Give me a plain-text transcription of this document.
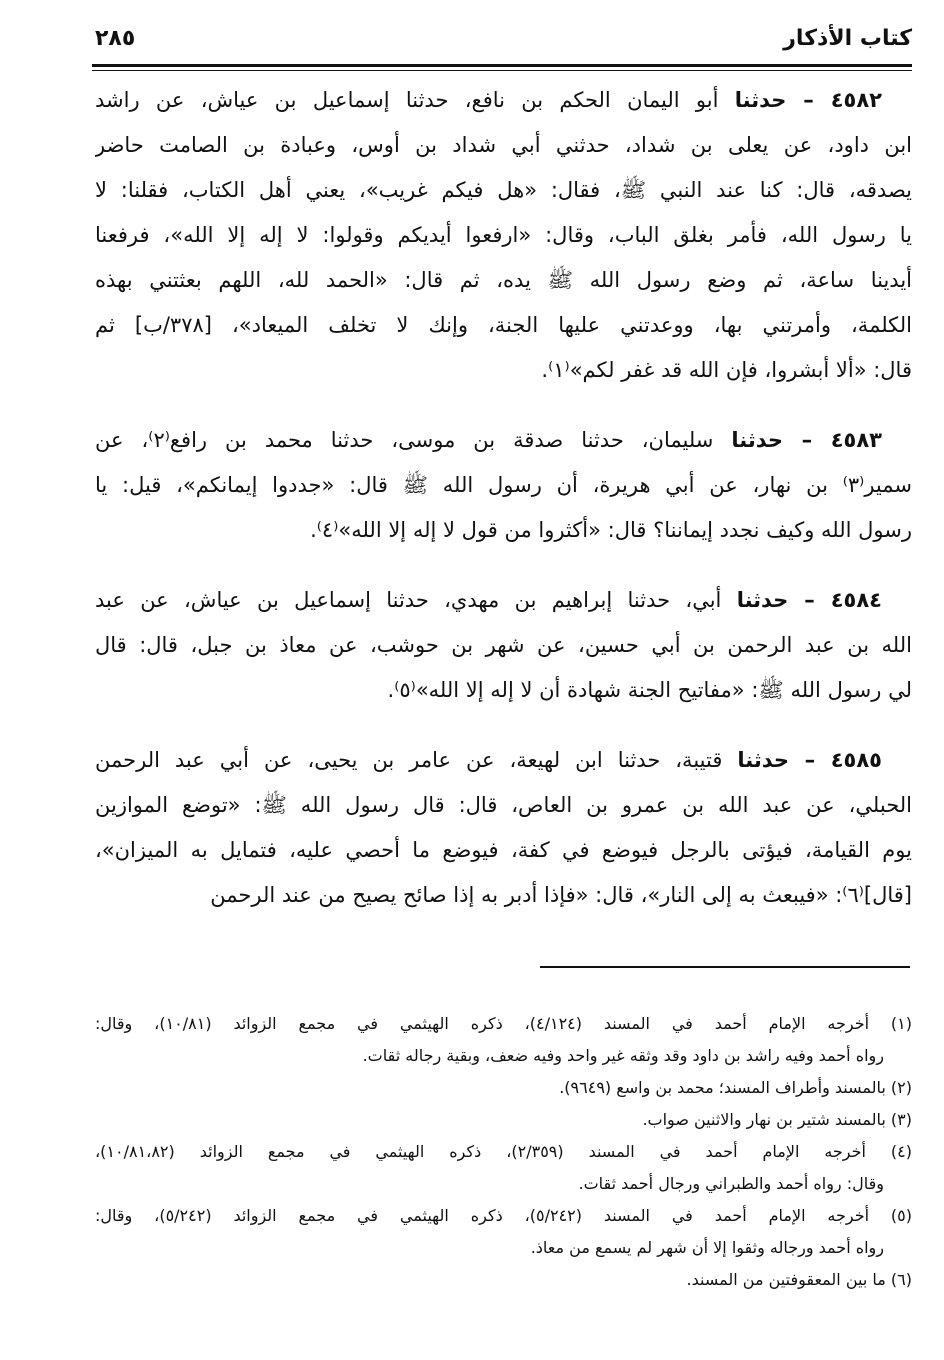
كتاب الأذكار
٢٨٥
٤٥٨٢ – حدثنا أبو اليمان الحكم بن نافع، حدثنا إسماعيل بن عياش، عن راشد
ابن داود، عن يعلى بن شداد، حدثني أبي شداد بن أوس، وعبادة بن الصامت حاضر
يصدقه، قال: كنا عند النبي ﷺ، فقال: «هل فيكم غريب»، يعني أهل الكتاب، فقلنا: لا
يا رسول الله، فأمر بغلق الباب، وقال: «ارفعوا أيديكم وقولوا: لا إله إلا الله»، فرفعنا
أيدينا ساعة، ثم وضع رسول الله ﷺ يده، ثم قال: «الحمد لله، اللهم بعثتني بهذه
الكلمة، وأمرتني بها، ووعدتني عليها الجنة، وإنك لا تخلف الميعاد»، [٣٧٨/ب] ثم
قال: «ألا أبشروا، فإن الله قد غفر لكم»⁽١⁾.
٤٥٨٣ – حدثنا سليمان، حدثنا صدقة بن موسى، حدثنا محمد بن رافع⁽٢⁾، عن
سمير⁽٣⁾ بن نهار، عن أبي هريرة، أن رسول الله ﷺ قال: «جددوا إيمانكم»، قيل: يا
رسول الله وكيف نجدد إيماننا؟ قال: «أكثروا من قول لا إله إلا الله»⁽٤⁾.
٤٥٨٤ – حدثنا أبي، حدثنا إبراهيم بن مهدي، حدثنا إسماعيل بن عياش، عن عبد
الله بن عبد الرحمن بن أبي حسين، عن شهر بن حوشب، عن معاذ بن جبل، قال: قال
لي رسول الله ﷺ: «مفاتيح الجنة شهادة أن لا إله إلا الله»⁽٥⁾.
٤٥٨٥ – حدثنا قتيبة، حدثنا ابن لهيعة، عن عامر بن يحيى، عن أبي عبد الرحمن
الحبلي، عن عبد الله بن عمرو بن العاص، قال: قال رسول الله ﷺ: «توضع الموازين
يوم القيامة، فيؤتى بالرجل فيوضع في كفة، فيوضع ما أحصي عليه، فتمايل به الميزان»،
[قال]⁽٦⁾: «فيبعث به إلى النار»، قال: «فإذا أدبر به إذا صائح يصيح من عند الرحمن
(١) أخرجه الإمام أحمد في المسند (٤/١٢٤)، ذكره الهيثمي في مجمع الزوائد (١٠/٨١)، وقال:
رواه أحمد وفيه راشد بن داود وقد وثقه غير واحد وفيه ضعف، وبقية رجاله ثقات.
(٢) بالمسند وأطراف المسند؛ محمد بن واسع (٩٦٤٩).
(٣) بالمسند شتير بن نهار والاثنين صواب.
(٤) أخرجه الإمام أحمد في المسند (٢/٣٥٩)، ذكره الهيثمي في مجمع الزوائد (١٠/٨١،٨٢)،
وقال: رواه أحمد والطبراني ورجال أحمد ثقات.
(٥) أخرجه الإمام أحمد في المسند (٥/٢٤٢)، ذكره الهيثمي في مجمع الزوائد (٥/٢٤٢)، وقال:
رواه أحمد ورجاله وثقوا إلا أن شهر لم يسمع من معاذ.
(٦) ما بين المعقوفتين من المسند.
